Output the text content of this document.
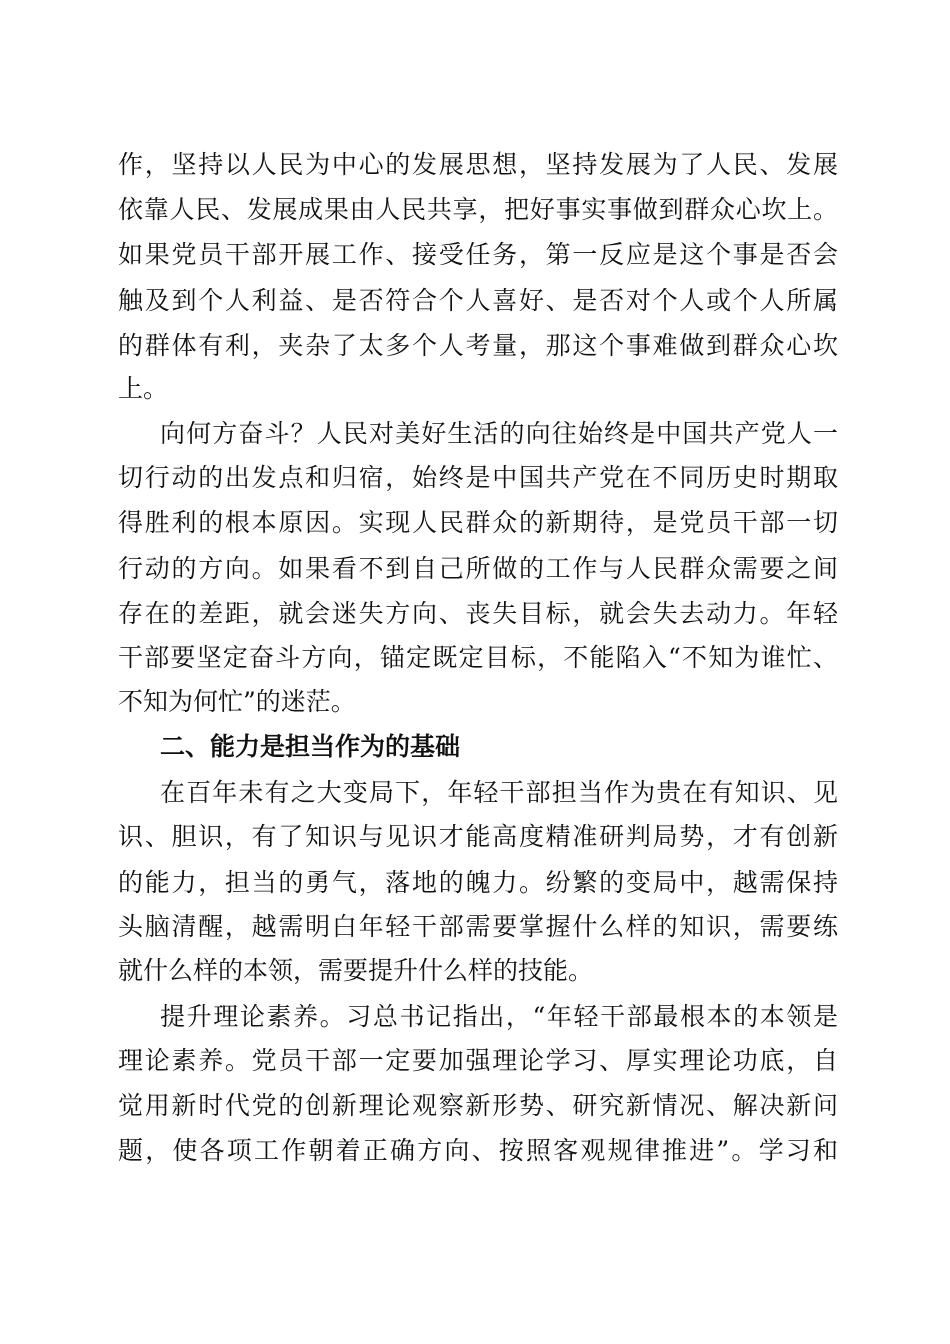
作，坚持以人民为中心的发展思想，坚持发展为了人民、发展
依靠人民、发展成果由人民共享，把好事实事做到群众心坎上。
如果党员干部开展工作、接受任务，第一反应是这个事是否会
触及到个人利益、是否符合个人喜好、是否对个人或个人所属
的群体有利，夹杂了太多个人考量，那这个事难做到群众心坎
上。
向何方奋斗？人民对美好生活的向往始终是中国共产党人一
切行动的出发点和归宿，始终是中国共产党在不同历史时期取
得胜利的根本原因。实现人民群众的新期待，是党员干部一切
行动的方向。如果看不到自己所做的工作与人民群众需要之间
存在的差距，就会迷失方向、丧失目标，就会失去动力。年轻
干部要坚定奋斗方向，锚定既定目标，不能陷入“不知为谁忙、
不知为何忙”的迷茫。
二、能力是担当作为的基础
在百年未有之大变局下，年轻干部担当作为贵在有知识、见
识、胆识，有了知识与见识才能高度精准研判局势，才有创新
的能力，担当的勇气，落地的魄力。纷繁的变局中，越需保持
头脑清醒，越需明白年轻干部需要掌握什么样的知识，需要练
就什么样的本领，需要提升什么样的技能。
提升理论素养。习总书记指出，“年轻干部最根本的本领是
理论素养。党员干部一定要加强理论学习、厚实理论功底，自
觉用新时代党的创新理论观察新形势、研究新情况、解决新问
题，使各项工作朝着正确方向、按照客观规律推进”。学习和
